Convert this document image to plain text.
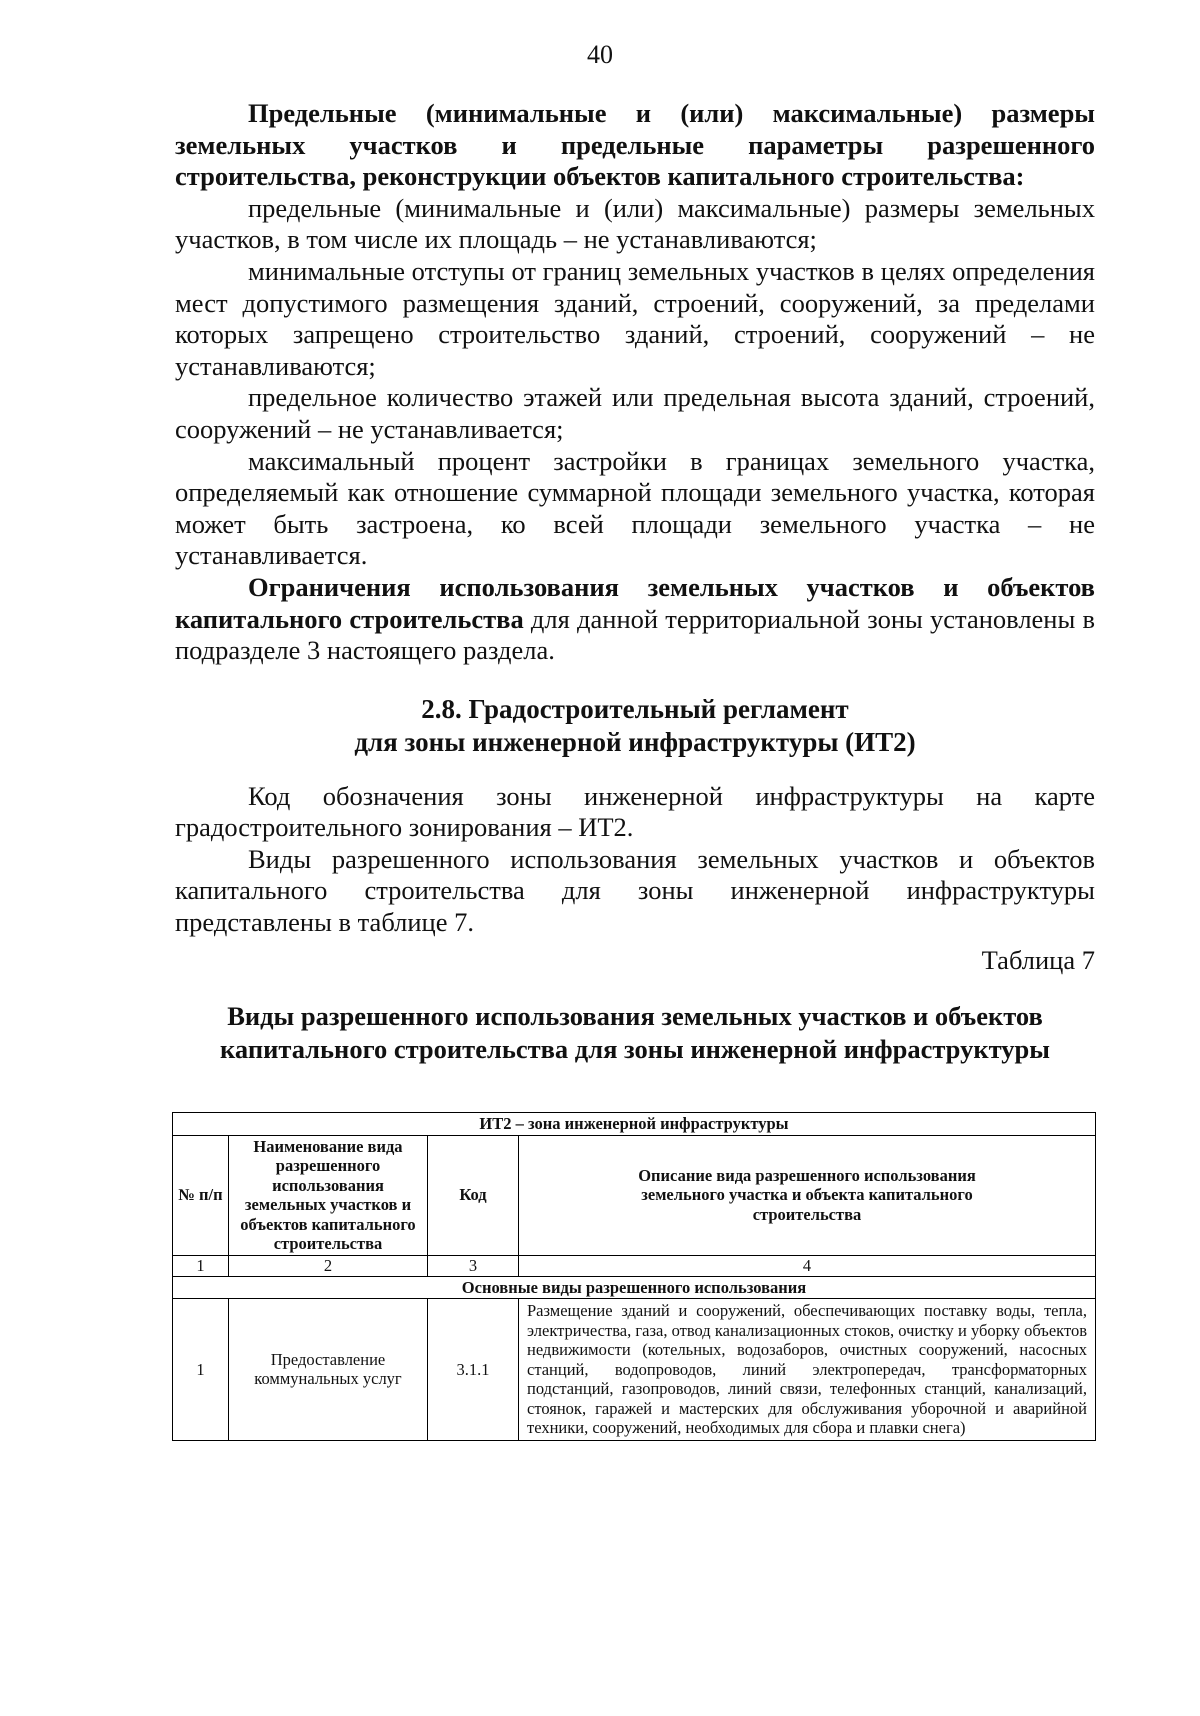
40

Предельные (минимальные и (или) максимальные) размеры земельных участков и предельные параметры разрешенного строительства, реконструкции объектов капитального строительства:

предельные (минимальные и (или) максимальные) размеры земельных участков, в том числе их площадь – не устанавливаются;

минимальные отступы от границ земельных участков в целях определения мест допустимого размещения зданий, строений, сооружений, за пределами которых запрещено строительство зданий, строений, сооружений – не устанавливаются;

предельное количество этажей или предельная высота зданий, строений, сооружений – не устанавливается;

максимальный процент застройки в границах земельного участка, определяемый как отношение суммарной площади земельного участка, которая может быть застроена, ко всей площади земельного участка – не устанавливается.

Ограничения использования земельных участков и объектов капитального строительства для данной территориальной зоны установлены в подразделе 3 настоящего раздела.

2.8. Градостроительный регламент

для зоны инженерной инфраструктуры (ИТ2)

Код обозначения зоны инженерной инфраструктуры на карте градостроительного зонирования – ИТ2.

Виды разрешенного использования земельных участков и объектов капитального строительства для зоны инженерной инфраструктуры представлены в таблице 7.

Таблица 7

Виды разрешенного использования земельных участков и объектов

капитального строительства для зоны инженерной инфраструктуры

ИТ2 – зона инженерной инфраструктуры			
№ п/п	Наименование вида разрешенного использования земельных участков и объектов капитального строительства	Код	Описание вида разрешенного использования земельного участка и объекта капитального строительства
1	2	3	4
Основные виды разрешенного использования			
1	Предоставление коммунальных услуг	3.1.1	Размещение зданий и сооружений, обеспечивающих поставку воды, тепла, электричества, газа, отвод канализационных стоков, очистку и уборку объектов недвижимости (котельных, водозаборов, очистных сооружений, насосных станций, водопроводов, линий электропередач, трансформаторных подстанций, газопроводов, линий связи, телефонных станций, канализаций, стоянок, гаражей и мастерских для обслуживания уборочной и аварийной техники, сооружений, необходимых для сбора и плавки снега)
